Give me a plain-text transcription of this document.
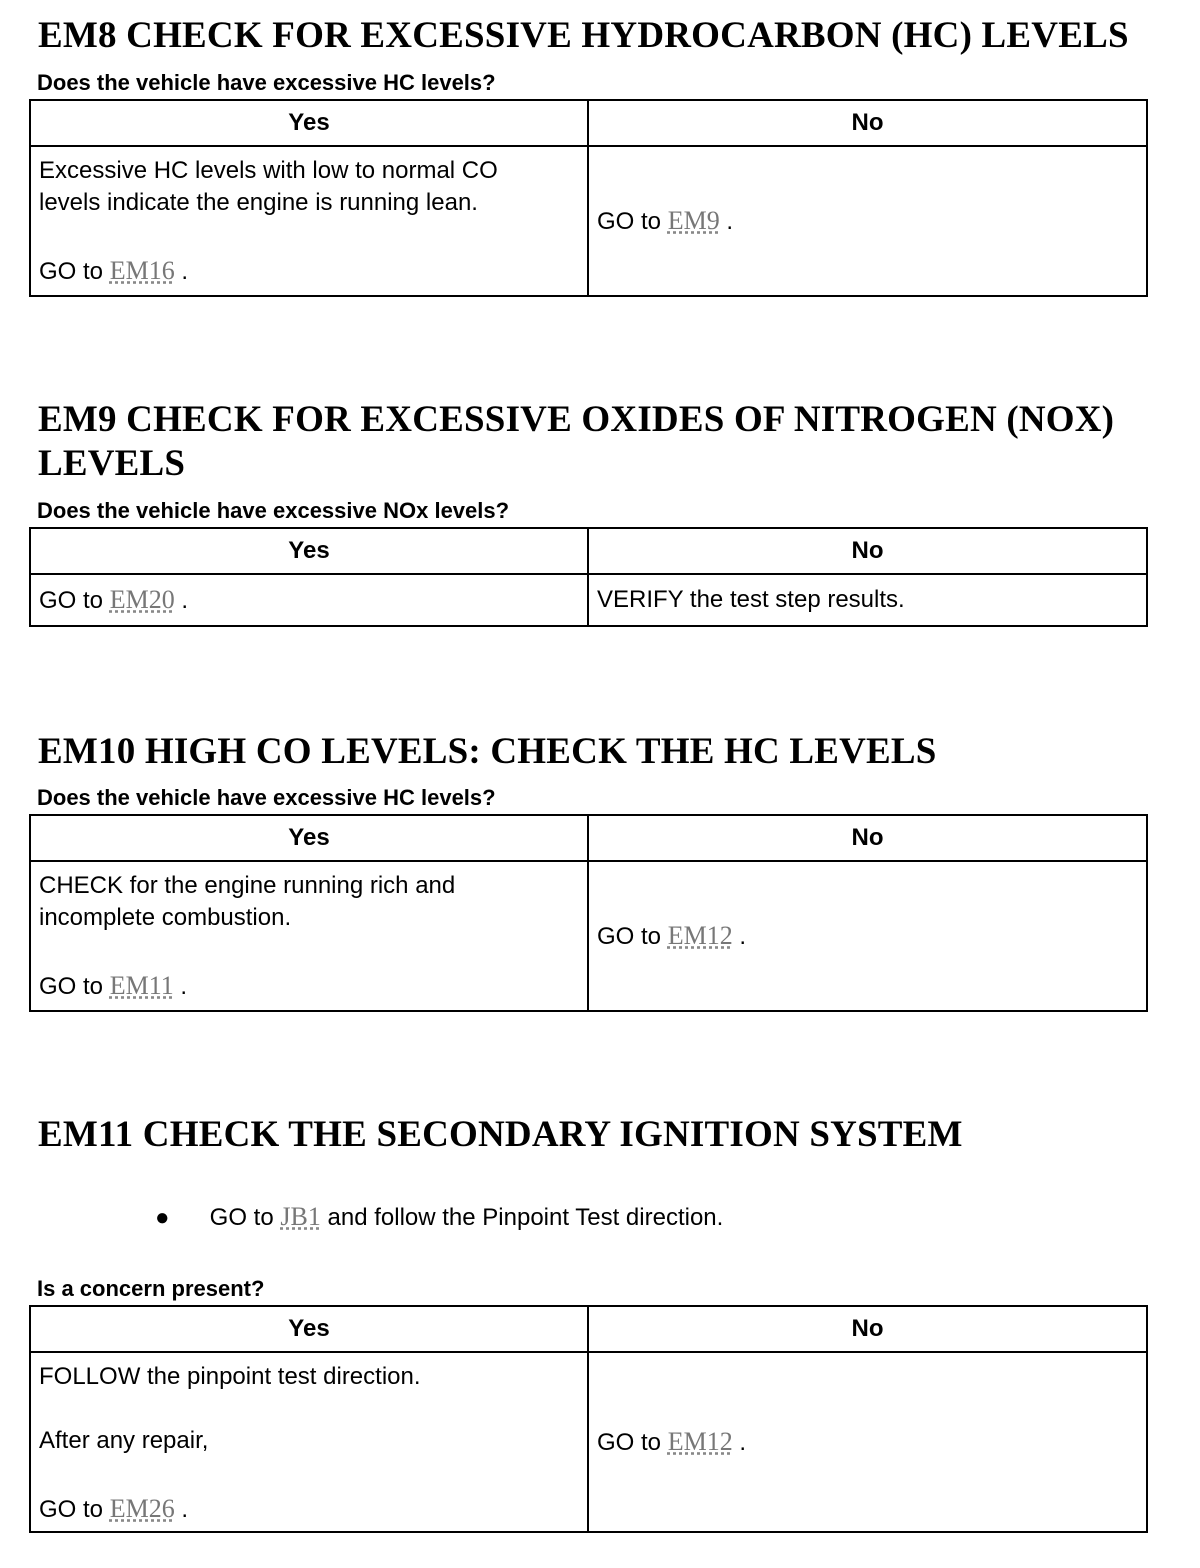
EM8 CHECK FOR EXCESSIVE HYDROCARBON (HC) LEVELS
Does the vehicle have excessive HC levels?
Yes	No

Excessive HC levels with low to normal CO
levels indicate the engine is running lean.
GO to EM16 .	GO to EM9 .
EM9 CHECK FOR EXCESSIVE OXIDES OF NITROGEN (NOX)
LEVELS
Does the vehicle have excessive NOx levels?
Yes	No
GO to EM20 .	VERIFY the test step results.
EM10 HIGH CO LEVELS: CHECK THE HC LEVELS
Does the vehicle have excessive HC levels?
Yes	No

CHECK for the engine running rich and
incomplete combustion.
GO to EM11 .	GO to EM12 .
EM11 CHECK THE SECONDARY IGNITION SYSTEM
● GO to JB1 and follow the Pinpoint Test direction.
Is a concern present?
Yes	No

FOLLOW the pinpoint test direction.
After any repair,
GO to EM26 .	GO to EM12 .
